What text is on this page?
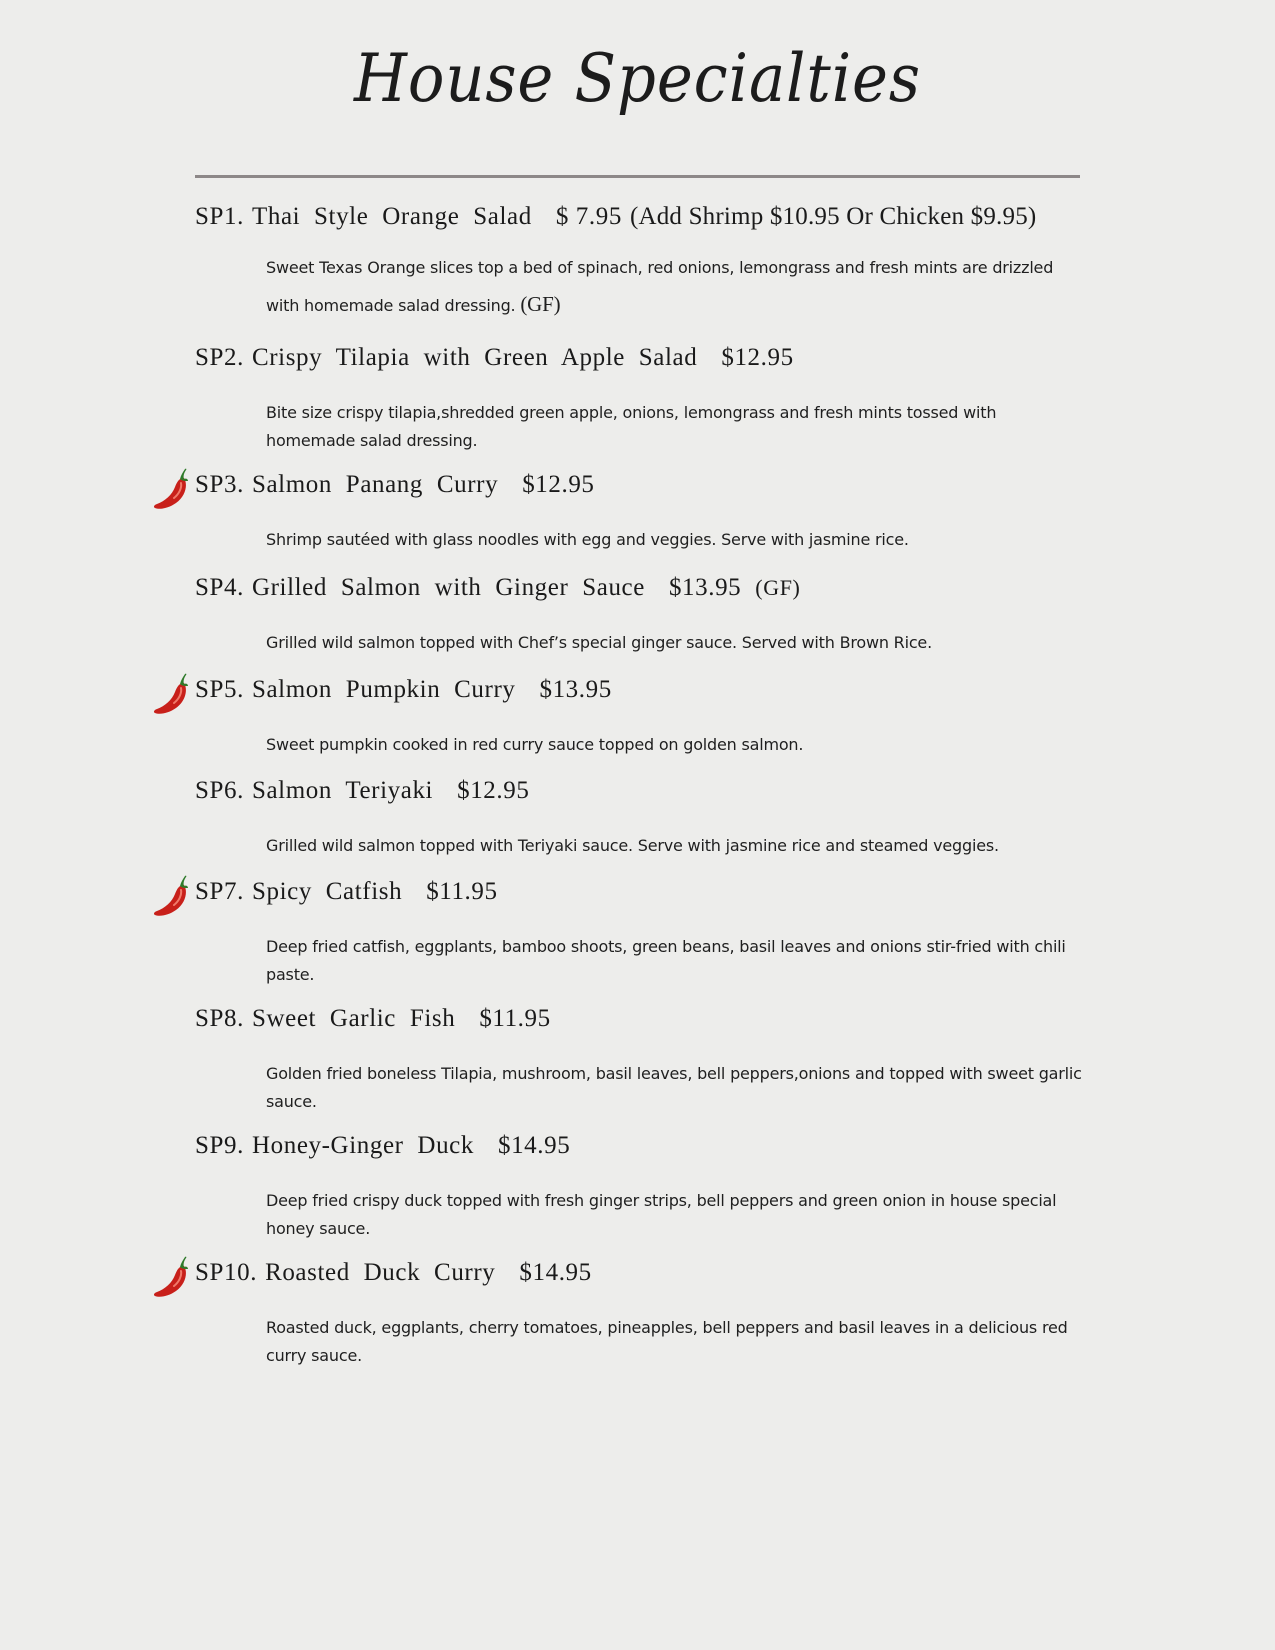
House Specialties
SP1. Thai Style Orange Salad $ 7.95 (Add Shrimp $10.95 Or Chicken $9.95)
Sweet Texas Orange slices top a bed of spinach, red onions, lemongrass and fresh mints are drizzled with homemade salad dressing. (GF)
SP2. Crispy Tilapia with Green Apple Salad $12.95
Bite size crispy tilapia,shredded green apple, onions, lemongrass and fresh mints tossed with homemade salad dressing.
SP3. Salmon Panang Curry $12.95
Shrimp sautéed with glass noodles with egg and veggies. Serve with jasmine rice.
SP4. Grilled Salmon with Ginger Sauce $13.95 (GF)
Grilled wild salmon topped with Chef’s special ginger sauce. Served with Brown Rice.
SP5. Salmon Pumpkin Curry $13.95
Sweet pumpkin cooked in red curry sauce topped on golden salmon.
SP6. Salmon Teriyaki $12.95
Grilled wild salmon topped with Teriyaki sauce. Serve with jasmine rice and steamed veggies.
SP7. Spicy Catfish $11.95
Deep fried catfish, eggplants, bamboo shoots, green beans, basil leaves and onions stir-fried with chili paste.
SP8. Sweet Garlic Fish $11.95
Golden fried boneless Tilapia, mushroom, basil leaves, bell peppers,onions and topped with sweet garlic sauce.
SP9. Honey-Ginger Duck $14.95
Deep fried crispy duck topped with fresh ginger strips, bell peppers and green onion in house special honey sauce.
SP10. Roasted Duck Curry $14.95
Roasted duck, eggplants, cherry tomatoes, pineapples, bell peppers and basil leaves in a delicious red curry sauce.
